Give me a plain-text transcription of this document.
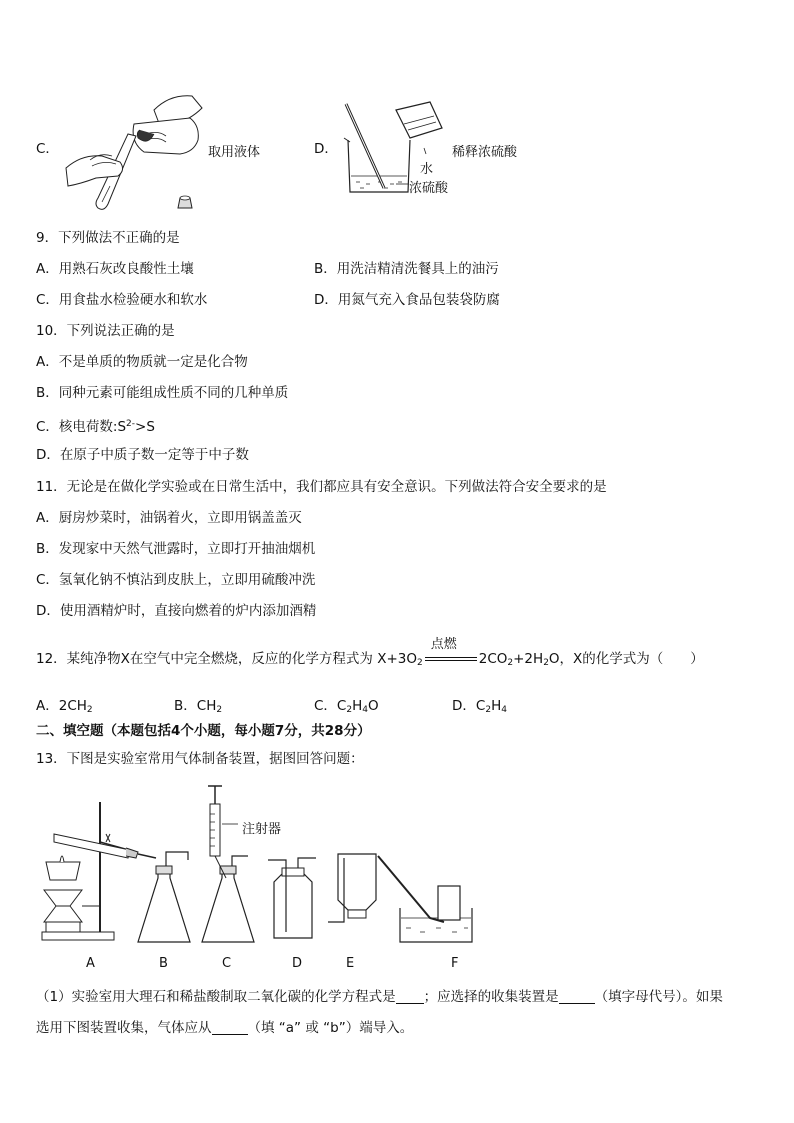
C．	取用液体	D．	稀释浓硫酸
水
浓硫酸
9．下列做法不正确的是
A．用熟石灰改良酸性土壤	B．用洗洁精清洗餐具上的油污
C．用食盐水检验硬水和软水	D．用氮气充入食品包装袋防腐
10．下列说法正确的是
A．不是单质的物质就一定是化合物
B．同种元素可能组成性质不同的几种单质
C．核电荷数$:S^{2-}>S$
D．在原子中质子数一定等于中子数
11．无论是在做化学实验或在日常生活中，我们都应具有安全意识。下列做法符合安全要求的是
A．厨房炒菜时，油锅着火，立即用锅盖盖灭
B．发现家中天然气泄露时，立即打开抽油烟机
C．氢氧化钠不慎沾到皮肤上，立即用硫酸冲洗
D．使用酒精炉时，直接向燃着的炉内添加酒精
12．某纯净物X在空气中完全燃烧，反应的化学方程式为 $X+3O_2$
点燃
$2CO_2+2H_2O$，X的化学式为（　　）
A．$2CH_2$	B．$CH_2$	C．$C_2H_4O$	D．$C_2H_4$
二、填空题（本题包括4个小题，每小题7分，共28分）
13．下图是实验室常用气体制备装置，据图回答问题：
注射器
A	B	C	D	E	F
（1）实验室用大理石和稀盐酸制取二氧化碳的化学方程式是 ；应选择的收集装置是	（填字母代号）。如果
选用下图装置收集，气体应从	（填 “a” 或 “b”）端导入。
